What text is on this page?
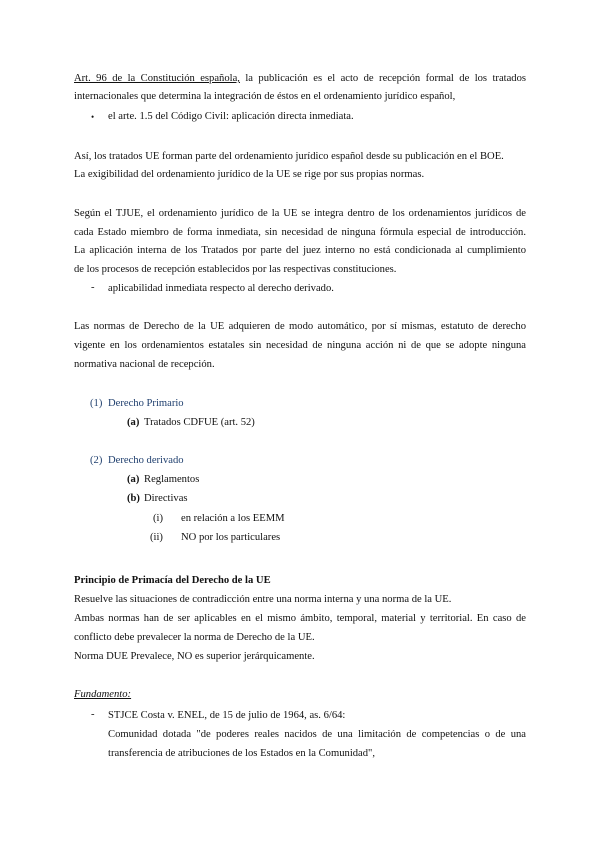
Art. 96 de la Constitución española, la publicación es el acto de recepción formal de los tratados
internacionales que determina la integración de éstos en el ordenamiento jurídico español,
• el arte. 1.5 del Código Civil: aplicación directa inmediata.
Así, los tratados UE forman parte del ordenamiento jurídico español desde su publicación en el BOE.
La exigibilidad del ordenamiento jurídico de la UE se rige por sus propias normas.
Según el TJUE, el ordenamiento jurídico de la UE se integra dentro de los ordenamientos jurídicos de
cada Estado miembro de forma inmediata, sin necesidad de ninguna fórmula especial de introducción.
La aplicación interna de los Tratados por parte del juez interno no está condicionada al cumplimiento
de los procesos de recepción establecidos por las respectivas constituciones.
- aplicabilidad inmediata respecto al derecho derivado.
Las normas de Derecho de la UE adquieren de modo automático, por sí mismas, estatuto de derecho
vigente en los ordenamientos estatales sin necesidad de ninguna acción ni de que se adopte ninguna
normativa nacional de recepción.
(1) Derecho Primario
(a) Tratados CDFUE (art. 52)
(2) Derecho derivado
(a) Reglamentos
(b) Directivas
(i) en relación a los EEMM
(ii) NO por los particulares
Principio de Primacía del Derecho de la UE
Resuelve las situaciones de contradicción entre una norma interna y una norma de la UE.
Ambas normas han de ser aplicables en el mismo ámbito, temporal, material y territorial. En caso de
conflicto debe prevalecer la norma de Derecho de la UE.
Norma DUE Prevalece, NO es superior jerárquicamente.
Fundamento:
- STJCE Costa v. ENEL, de 15 de julio de 1964, as. 6/64:
Comunidad dotada "de poderes reales nacidos de una limitación de competencias o de una
transferencia de atribuciones de los Estados en la Comunidad",
